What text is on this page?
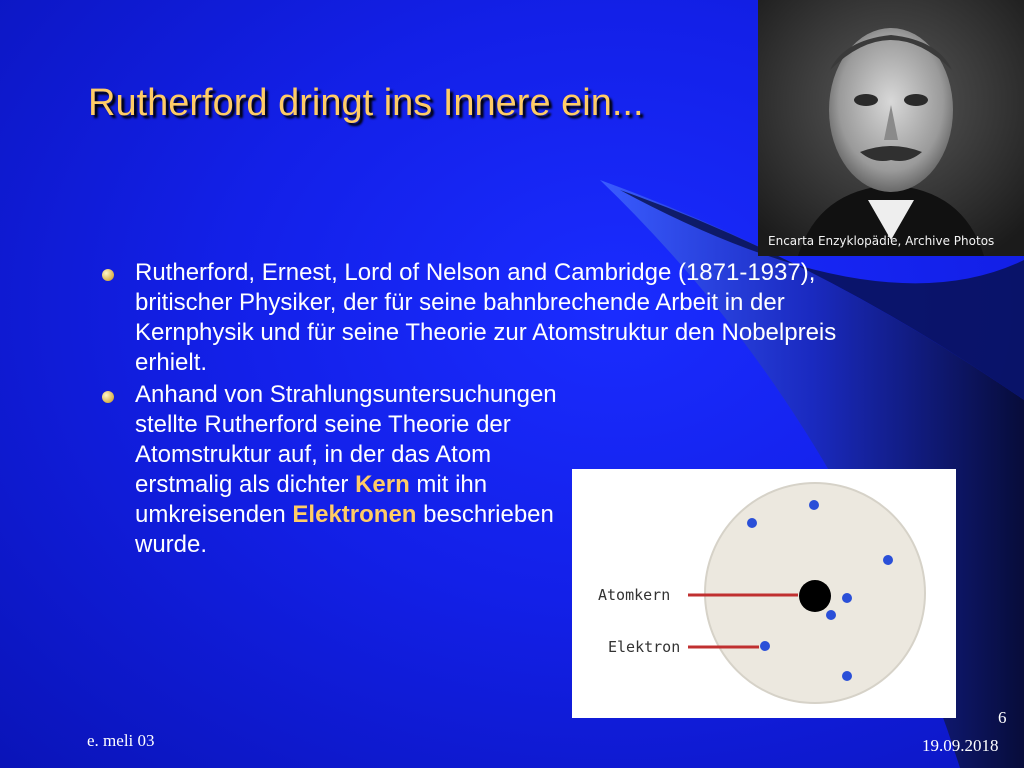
Rutherford dringt ins Innere ein...
Encarta Enzyklopädie, Archive Photos
Rutherford, Ernest, Lord of Nelson and Cambridge (1871-1937), britischer Physiker, der für seine bahnbrechende Arbeit in der Kernphysik und für seine Theorie zur Atomstruktur den Nobelpreis erhielt.
Anhand von Strahlungsuntersuchungen stellte Rutherford seine Theorie der Atomstruktur auf, in der das Atom erstmalig als dichter Kern mit ihn umkreisenden Elektronen beschrieben wurde.
Atomkern
Elektron
e. meli 03
6
19.09.2018
